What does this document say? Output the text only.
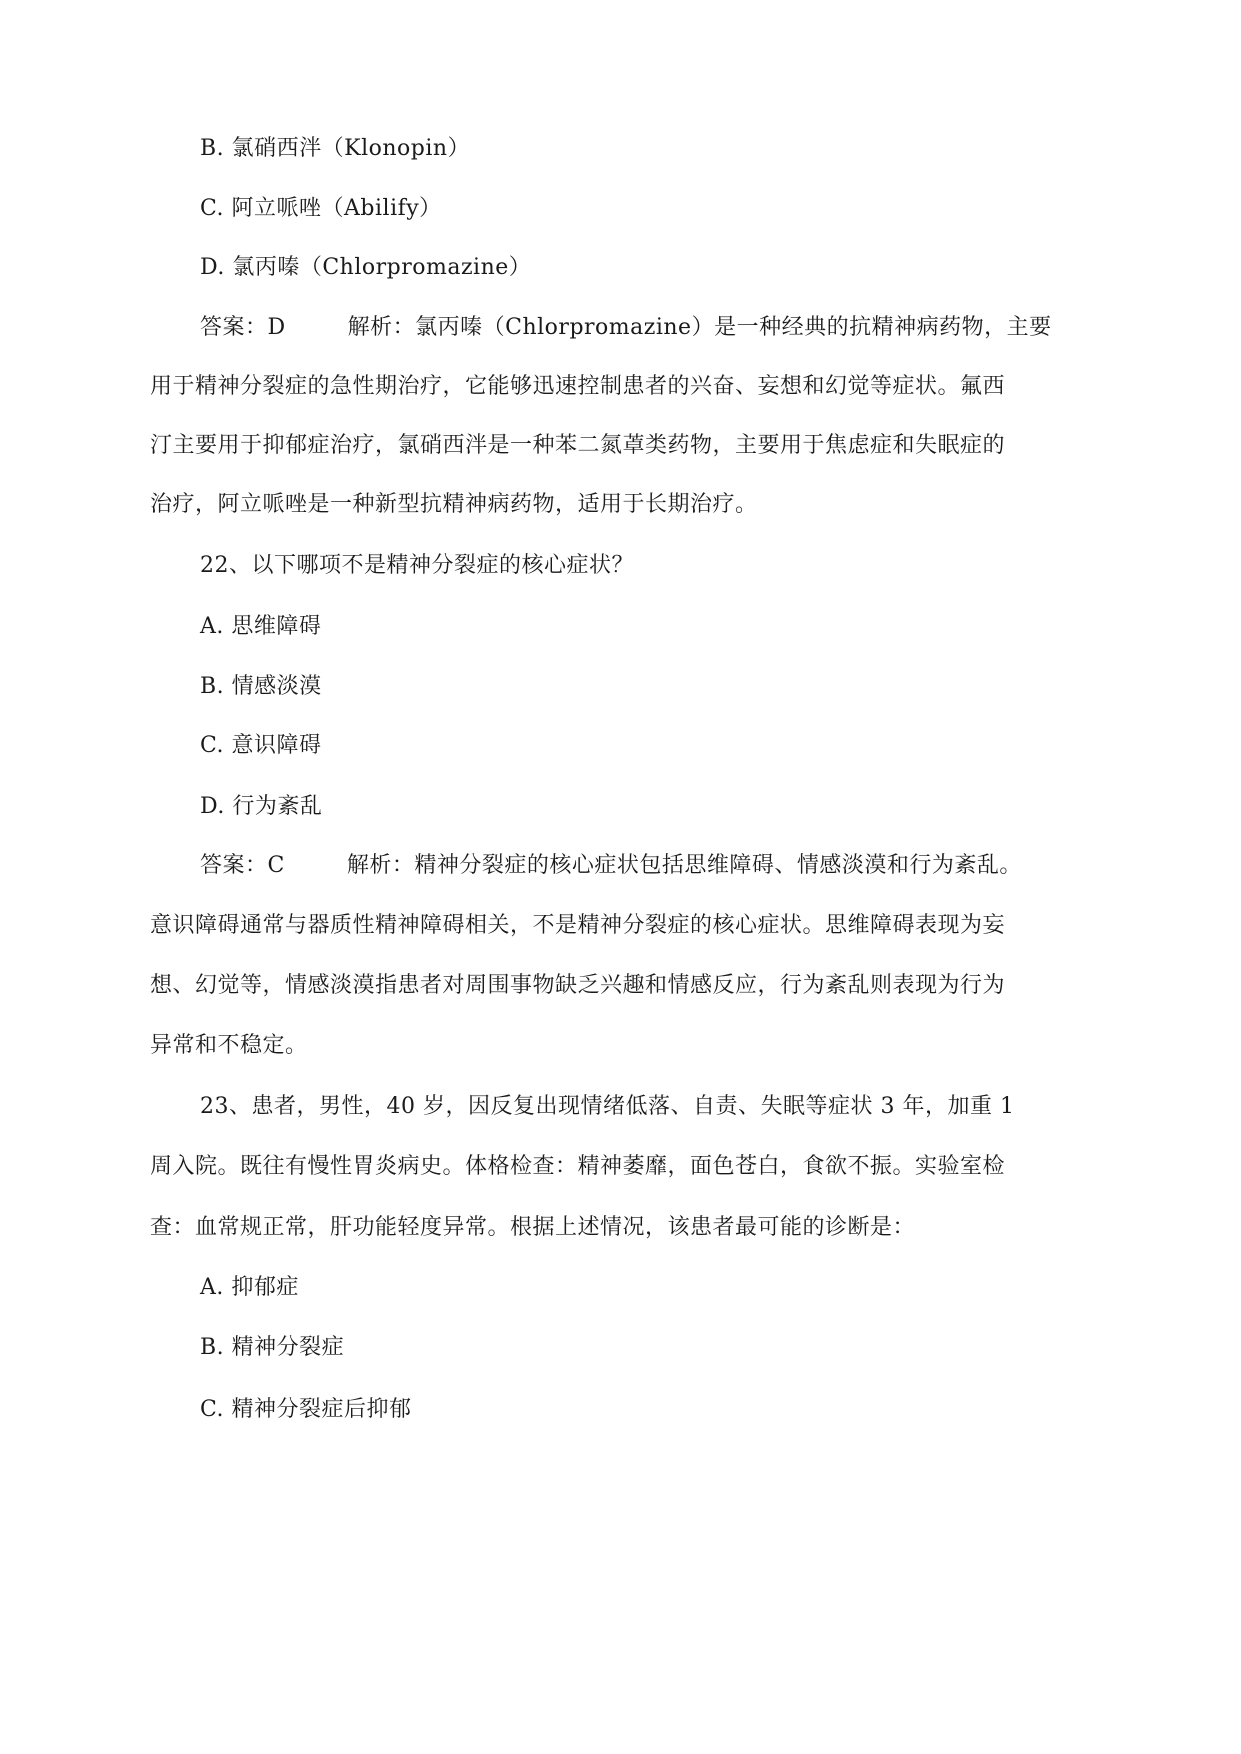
B. 氯硝西泮（Klonopin）
C. 阿立哌唑（Abilify）
D. 氯丙嗪（Chlorpromazine）
答案：D	解析：氯丙嗪（Chlorpromazine）是一种经典的抗精神病药物，主要
用于精神分裂症的急性期治疗，它能够迅速控制患者的兴奋、妄想和幻觉等症状。氟西
汀主要用于抑郁症治疗，氯硝西泮是一种苯二氮䓬类药物，主要用于焦虑症和失眠症的
治疗，阿立哌唑是一种新型抗精神病药物，适用于长期治疗。
22、以下哪项不是精神分裂症的核心症状？
A. 思维障碍
B. 情感淡漠
C. 意识障碍
D. 行为紊乱
答案：C	解析：精神分裂症的核心症状包括思维障碍、情感淡漠和行为紊乱。
意识障碍通常与器质性精神障碍相关，不是精神分裂症的核心症状。思维障碍表现为妄
想、幻觉等，情感淡漠指患者对周围事物缺乏兴趣和情感反应，行为紊乱则表现为行为
异常和不稳定。
23、患者，男性，40 岁，因反复出现情绪低落、自责、失眠等症状 3 年，加重 1
周入院。既往有慢性胃炎病史。体格检查：精神萎靡，面色苍白，食欲不振。实验室检
查：血常规正常，肝功能轻度异常。根据上述情况，该患者最可能的诊断是：
A. 抑郁症
B. 精神分裂症
C. 精神分裂症后抑郁
